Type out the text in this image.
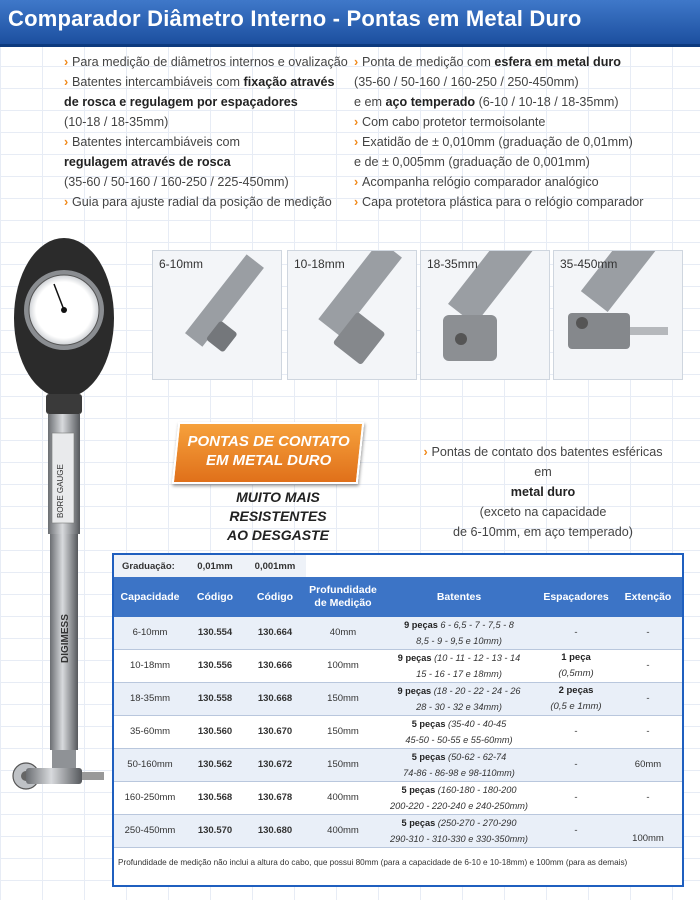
Comparador Diâmetro Interno - Pontas em Metal Duro
› Para medição de diâmetros internos e ovalização
› Batentes intercambiáveis com fixação através
de rosca e regulagem por espaçadores
(10-18 / 18-35mm)
› Batentes intercambiáveis com
regulagem através de rosca
(35-60 / 50-160 / 160-250 / 225-450mm)
› Guia para ajuste radial da posição de medição
› Ponta de medição com esfera em metal duro
(35-60 / 50-160 / 160-250 / 250-450mm)
e em aço temperado (6-10 / 10-18 / 18-35mm)
› Com cabo protetor termoisolante
› Exatidão de ± 0,010mm (graduação de 0,01mm)
e de ± 0,005mm (graduação de 0,001mm)
› Acompanha relógio comparador analógico
› Capa protetora plástica para o relógio comparador
BORE GAUGE
DIGIMESS
6-10mm	10-18mm	18-35mm	35-450mm
PONTAS DE CONTATO
EM METAL DURO
MUITO MAIS RESISTENTES
AO DESGASTE
› Pontas de contato dos batentes esféricas
em
metal duro
(exceto na capacidade
de 6-10mm, em aço temperado)
Graduação:	0,01mm	0,001mm				
Capacidade	Código	Código	Profundidade de Medição	Batentes	Espaçadores	Extenção
6-10mm	130.554	130.664	40mm	9 peças 6 - 6,5 - 7 - 7,5 - 8
8,5 - 9 - 9,5 e 10mm)	-	-

10-18mm	130.556	130.666	100mm	9 peças (10 - 11 - 12 - 13 - 14
15 - 16 - 17 e 18mm)	1 peça
(0,5mm)	-

18-35mm	130.558	130.668	150mm	9 peças (18 - 20 - 22 - 24 - 26
28 - 30 - 32 e 34mm)	2 peças
(0,5 e 1mm)	-

35-60mm	130.560	130.670	150mm	5 peças (35-40 - 40-45
45-50 - 50-55 e 55-60mm)	-	-

50-160mm	130.562	130.672	150mm	5 peças (50-62 - 62-74
74-86 - 86-98 e 98-110mm)	-	60mm

160-250mm	130.568	130.678	400mm	5 peças (160-180 - 180-200
200-220 - 220-240 e 240-250mm)	-	-

250-450mm	130.570	130.680	400mm	5 peças (250-270 - 270-290
290-310 - 310-330 e 330-350mm)	-	100mm
Profundidade de medição não inclui a altura do cabo, que possui 80mm (para a capacidade de 6-10 e 10-18mm) e 100mm (para as demais)
